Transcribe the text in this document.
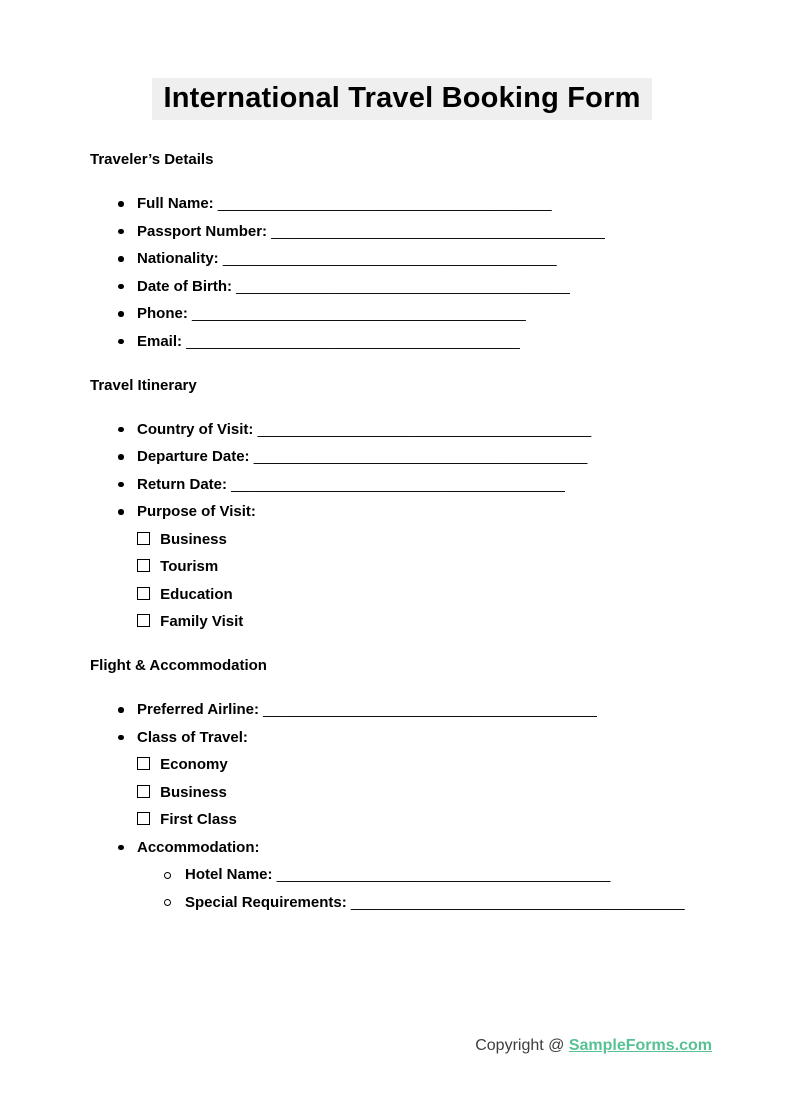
International Travel Booking Form
Traveler’s Details
Full Name: ________________________________________
Passport Number: ________________________________________
Nationality: ________________________________________
Date of Birth: ________________________________________
Phone: ________________________________________
Email: ________________________________________
Travel Itinerary
Country of Visit: ________________________________________
Departure Date: ________________________________________
Return Date: ________________________________________
Purpose of Visit:
Business
Tourism
Education
Family Visit
Flight & Accommodation
Preferred Airline: ________________________________________
Class of Travel:
Economy
Business
First Class
Accommodation:
Hotel Name: ________________________________________
Special Requirements: ________________________________________
Copyright @ SampleForms.com
